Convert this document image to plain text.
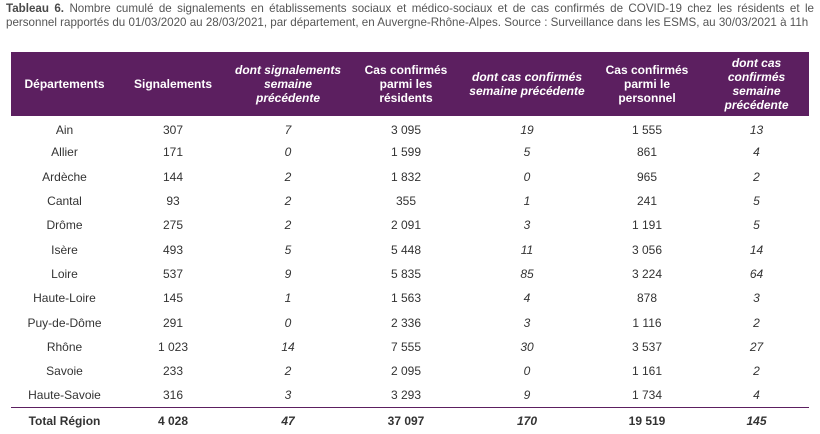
Tableau 6. Nombre cumulé de signalements en établissements sociaux et médico-sociaux et de cas confirmés de COVID-19 chez les résidents et le personnel rapportés du 01/03/2020 au 28/03/2021, par département, en Auvergne-Rhône-Alpes. Source : Surveillance dans les ESMS, au 30/03/2021 à 11h
Départements	Signalements	dont signalements semaine précédente	Cas confirmés parmi les résidents	dont cas confirmés semaine précédente	Cas confirmés parmi le personnel	dont cas confirmés semaine précédente
Ain	307	7	3 095	19	1 555	13
Allier	171	0	1 599	5	861	4
Ardèche	144	2	1 832	0	965	2
Cantal	93	2	355	1	241	5
Drôme	275	2	2 091	3	1 191	5
Isère	493	5	5 448	11	3 056	14
Loire	537	9	5 835	85	3 224	64
Haute-Loire	145	1	1 563	4	878	3
Puy-de-Dôme	291	0	2 336	3	1 116	2
Rhône	1 023	14	7 555	30	3 537	27
Savoie	233	2	2 095	0	1 161	2
Haute-Savoie	316	3	3 293	9	1 734	4
Total Région	4 028	47	37 097	170	19 519	145
